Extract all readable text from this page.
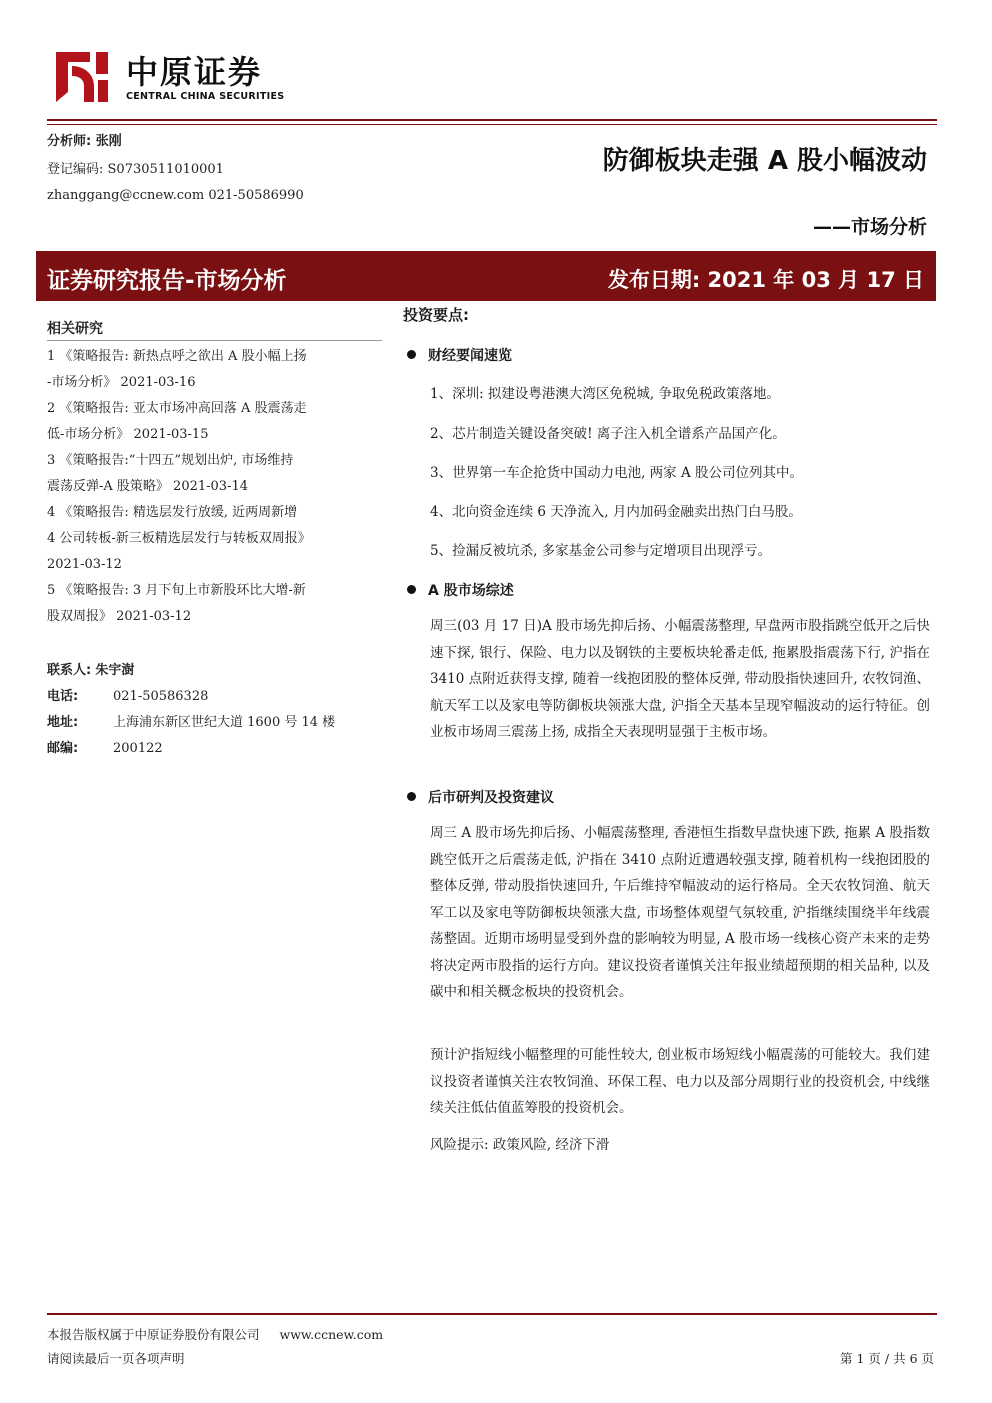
中原证券
CENTRAL CHINA SECURITIES
分析师: 张刚
登记编码: S0730511010001
zhanggang@ccnew.com 021-50586990
防御板块走强 A 股小幅波动
——市场分析
证券研究报告-市场分析	发布日期: 2021 年 03 月 17 日
相关研究
1 《策略报告: 新热点呼之欲出 A 股小幅上扬
-市场分析》 2021-03-16
2 《策略报告: 亚太市场冲高回落 A 股震荡走
低-市场分析》 2021-03-15
3 《策略报告:“十四五”规划出炉, 市场维持
震荡反弹-A 股策略》 2021-03-14
4 《策略报告: 精选层发行放缓, 近两周新增
4 公司转板-新三板精选层发行与转板双周报》
2021-03-12
5 《策略报告: 3 月下旬上市新股环比大增-新
股双周报》 2021-03-12
联系人: 朱宇澍
电话:	021-50586328
地址:	上海浦东新区世纪大道 1600 号 14 楼
邮编:	200122
投资要点:
财经要闻速览
1、深圳: 拟建设粤港澳大湾区免税城, 争取免税政策落地。
2、芯片制造关键设备突破! 离子注入机全谱系产品国产化。
3、世界第一车企抢货中国动力电池, 两家 A 股公司位列其中。
4、北向资金连续 6 天净流入, 月内加码金融卖出热门白马股。
5、捡漏反被坑杀, 多家基金公司参与定增项目出现浮亏。
A 股市场综述
周三(03 月 17 日)A 股市场先抑后扬、小幅震荡整理, 早盘两市股指跳空低开之后快速下探, 银行、保险、电力以及钢铁的主要板块轮番走低, 拖累股指震荡下行, 沪指在 3410 点附近获得支撑, 随着一线抱团股的整体反弹, 带动股指快速回升, 农牧饲渔、航天军工以及家电等防御板块领涨大盘, 沪指全天基本呈现窄幅波动的运行特征。创业板市场周三震荡上扬, 成指全天表现明显强于主板市场。
后市研判及投资建议
周三 A 股市场先抑后扬、小幅震荡整理, 香港恒生指数早盘快速下跌, 拖累 A 股指数跳空低开之后震荡走低, 沪指在 3410 点附近遭遇较强支撑, 随着机构一线抱团股的整体反弹, 带动股指快速回升, 午后维持窄幅波动的运行格局。全天农牧饲渔、航天军工以及家电等防御板块领涨大盘, 市场整体观望气氛较重, 沪指继续围绕半年线震荡整固。近期市场明显受到外盘的影响较为明显, A 股市场一线核心资产未来的走势将决定两市股指的运行方向。建议投资者谨慎关注年报业绩超预期的相关品种, 以及碳中和相关概念板块的投资机会。
预计沪指短线小幅整理的可能性较大, 创业板市场短线小幅震荡的可能较大。我们建议投资者谨慎关注农牧饲渔、环保工程、电力以及部分周期行业的投资机会, 中线继续关注低估值蓝筹股的投资机会。
风险提示: 政策风险, 经济下滑
本报告版权属于中原证券股份有限公司 www.ccnew.com
请阅读最后一页各项声明	第 1 页 / 共 6 页
